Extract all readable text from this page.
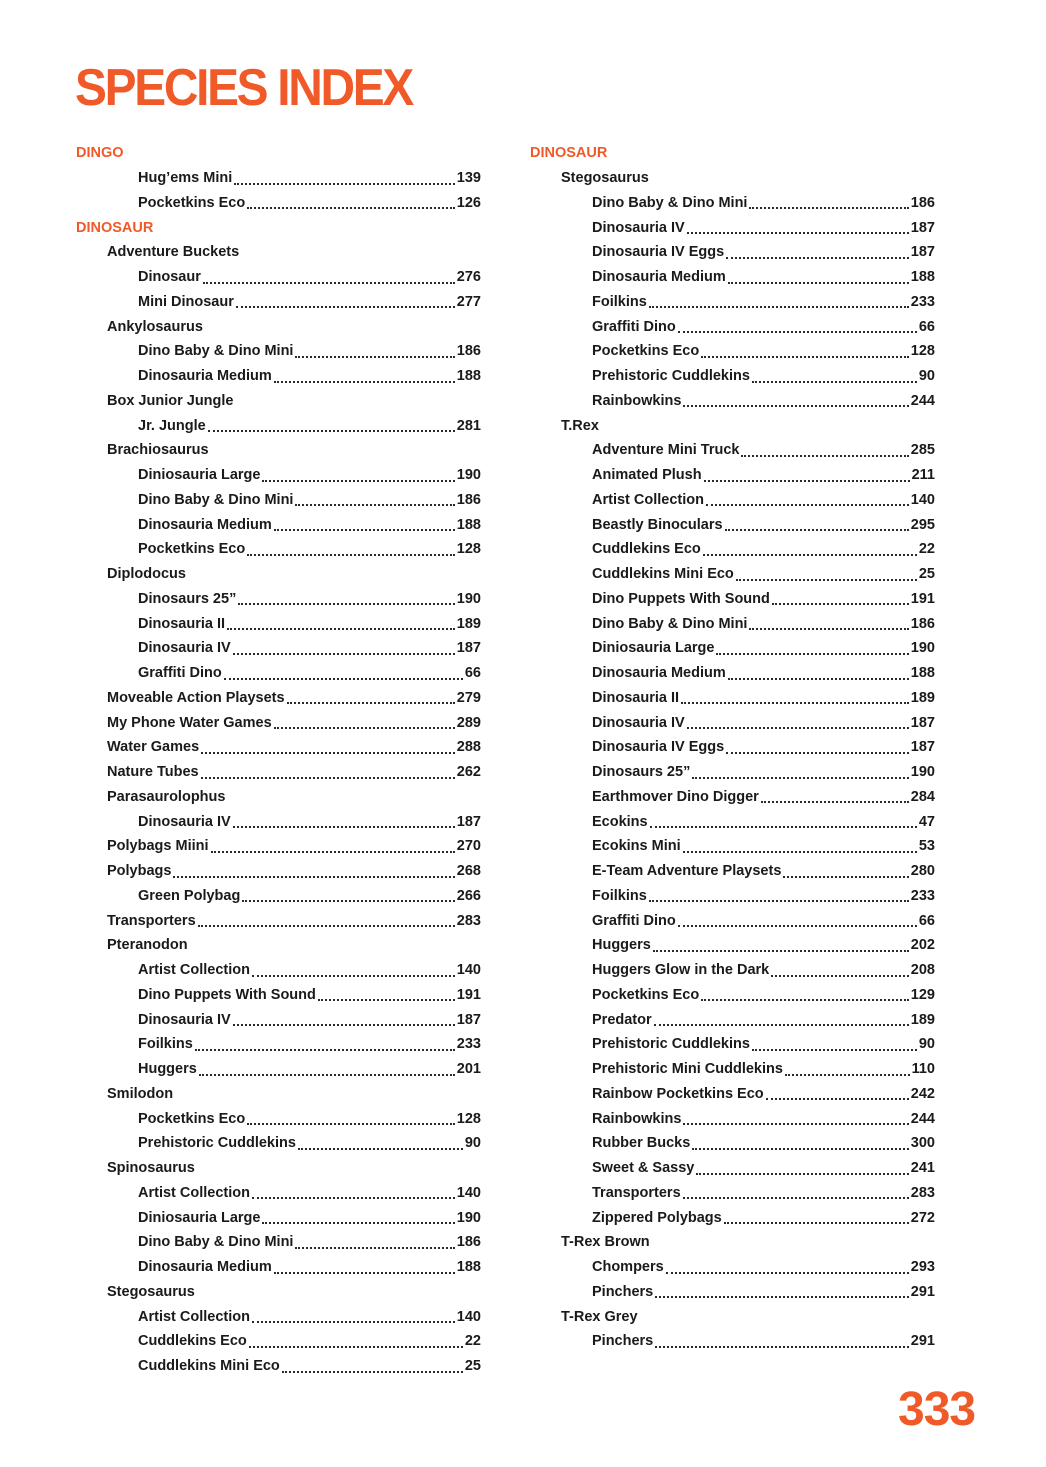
SPECIES INDEX
DINGO
Hug’ems Mini	139
Pocketkins Eco	126
DINOSAUR
Adventure Buckets
Dinosaur	276
Mini Dinosaur	277
Ankylosaurus
Dino Baby & Dino Mini	186
Dinosauria Medium	188
Box Junior Jungle
Jr. Jungle	281
Brachiosaurus
Diniosauria Large	190
Dino Baby & Dino Mini	186
Dinosauria Medium	188
Pocketkins Eco	128
Diplodocus
Dinosaurs 25”	190
Dinosauria II	189
Dinosauria IV	187
Graffiti Dino	66
Moveable Action Playsets	279
My Phone Water Games	289
Water Games	288
Nature Tubes	262
Parasaurolophus
Dinosauria IV	187
Polybags Miini	270
Polybags	268
Green Polybag	266
Transporters	283
Pteranodon
Artist Collection	140
Dino Puppets With Sound	191
Dinosauria IV	187
Foilkins	233
Huggers	201
Smilodon
Pocketkins Eco	128
Prehistoric Cuddlekins	90
Spinosaurus
Artist Collection	140
Diniosauria Large	190
Dino Baby & Dino Mini	186
Dinosauria Medium	188
Stegosaurus
Artist Collection	140
Cuddlekins Eco	22
Cuddlekins Mini Eco	25
DINOSAUR
Stegosaurus
Dino Baby & Dino Mini	186
Dinosauria IV	187
Dinosauria IV Eggs	187
Dinosauria Medium	188
Foilkins	233
Graffiti Dino	66
Pocketkins Eco	128
Prehistoric Cuddlekins	90
Rainbowkins	244
T.Rex
Adventure Mini Truck	285
Animated Plush	211
Artist Collection	140
Beastly Binoculars	295
Cuddlekins Eco	22
Cuddlekins Mini Eco	25
Dino Puppets With Sound	191
Dino Baby & Dino Mini	186
Diniosauria Large	190
Dinosauria Medium	188
Dinosauria II	189
Dinosauria IV	187
Dinosauria IV Eggs	187
Dinosaurs 25”	190
Earthmover Dino Digger	284
Ecokins	47
Ecokins Mini	53
E-Team Adventure Playsets	280
Foilkins	233
Graffiti Dino	66
Huggers	202
Huggers Glow in the Dark	208
Pocketkins Eco	129
Predator	189
Prehistoric Cuddlekins	90
Prehistoric Mini Cuddlekins	110
Rainbow Pocketkins Eco	242
Rainbowkins	244
Rubber Bucks	300
Sweet & Sassy	241
Transporters	283
Zippered Polybags	272
T-Rex Brown
Chompers	293
Pinchers	291
T-Rex Grey
Pinchers	291
333
